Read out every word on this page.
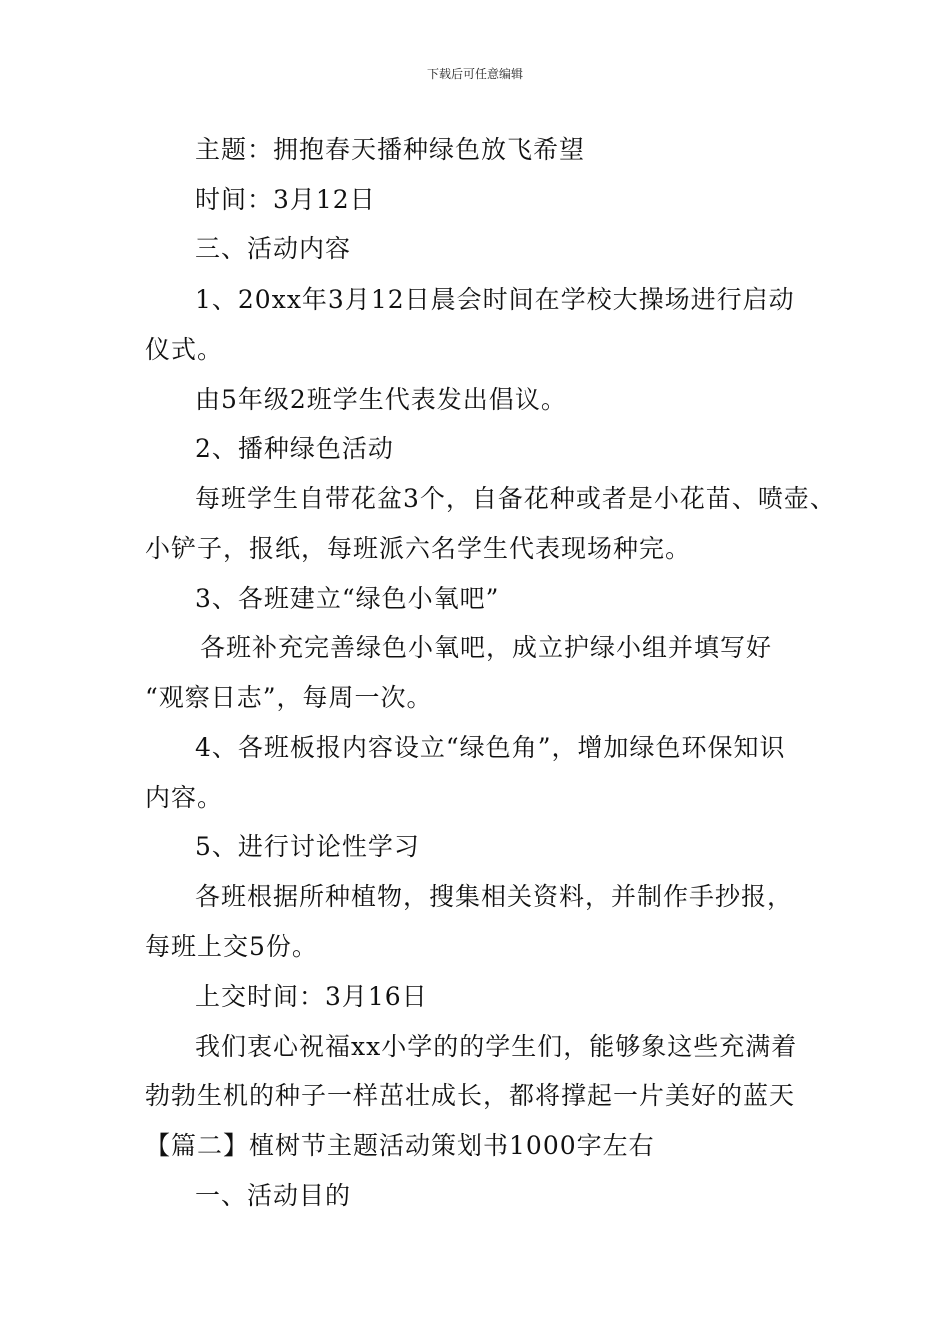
下载后可任意编辑
主题：拥抱春天播种绿色放飞希望
时间：3月12日
三、活动内容
1、20xx年3月12日晨会时间在学校大操场进行启动
仪式。
由5年级2班学生代表发出倡议。
2、播种绿色活动
每班学生自带花盆3个，自备花种或者是小花苗、喷壶、
小铲子，报纸，每班派六名学生代表现场种完。
3、各班建立“绿色小氧吧”
各班补充完善绿色小氧吧，成立护绿小组并填写好
“观察日志”，每周一次。
4、各班板报内容设立“绿色角”，增加绿色环保知识
内容。
5、进行讨论性学习
各班根据所种植物，搜集相关资料，并制作手抄报，
每班上交5份。
上交时间：3月16日
我们衷心祝福xx小学的的学生们，能够象这些充满着
勃勃生机的种子一样茁壮成长，都将撑起一片美好的蓝天
【篇二】植树节主题活动策划书1000字左右
一、活动目的
